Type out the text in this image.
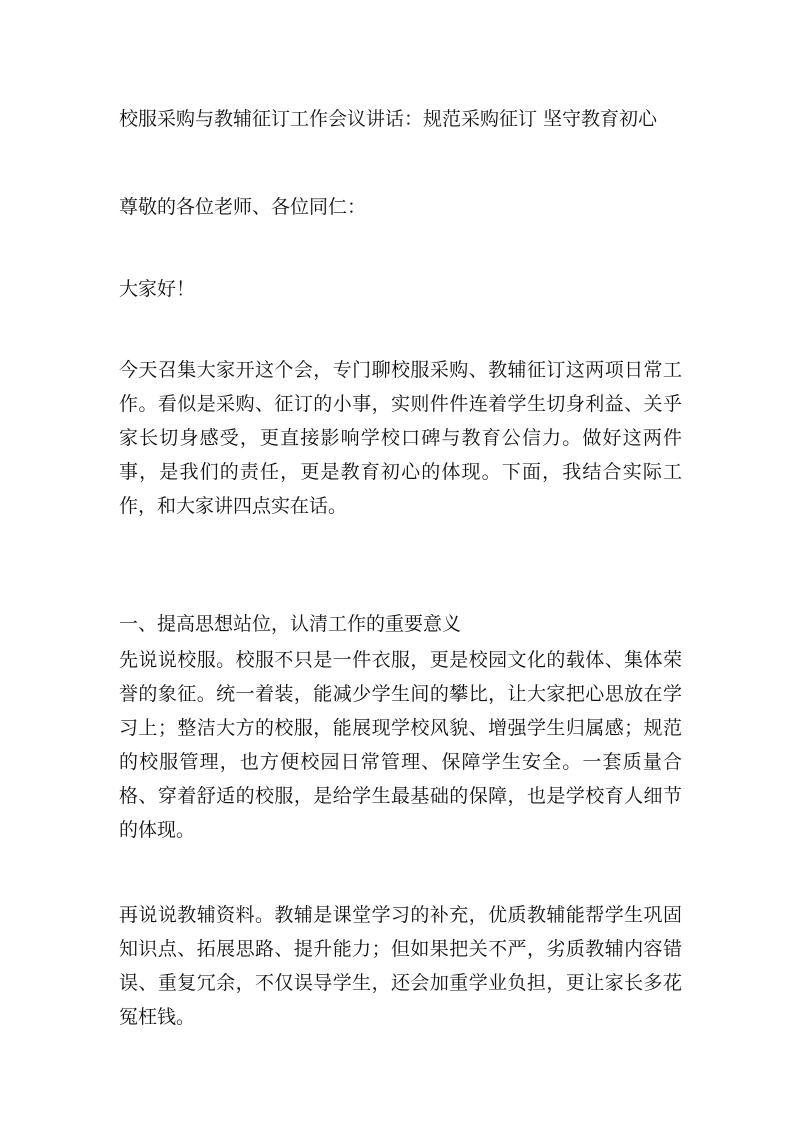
校服采购与教辅征订工作会议讲话：规范采购征订 坚守教育初心
尊敬的各位老师、各位同仁：
大家好！

今天召集大家开这个会，专门聊校服采购、教辅征订这两项日常工作。看似是采购、征订的小事，实则件件连着学生切身利益、关乎家长切身感受，更直接影响学校口碑与教育公信力。做好这两件事，是我们的责任，更是教育初心的体现。下面，我结合实际工作，和大家讲四点实在话。

一、提高思想站位，认清工作的重要意义

先说说校服。校服不只是一件衣服，更是校园文化的载体、集体荣誉的象征。统一着装，能减少学生间的攀比，让大家把心思放在学习上；整洁大方的校服，能展现学校风貌、增强学生归属感；规范的校服管理，也方便校园日常管理、保障学生安全。一套质量合格、穿着舒适的校服，是给学生最基础的保障，也是学校育人细节的体现。

再说说教辅资料。教辅是课堂学习的补充，优质教辅能帮学生巩固知识点、拓展思路、提升能力；但如果把关不严，劣质教辅内容错误、重复冗余，不仅误导学生，还会加重学业负担，更让家长多花冤枉钱。
